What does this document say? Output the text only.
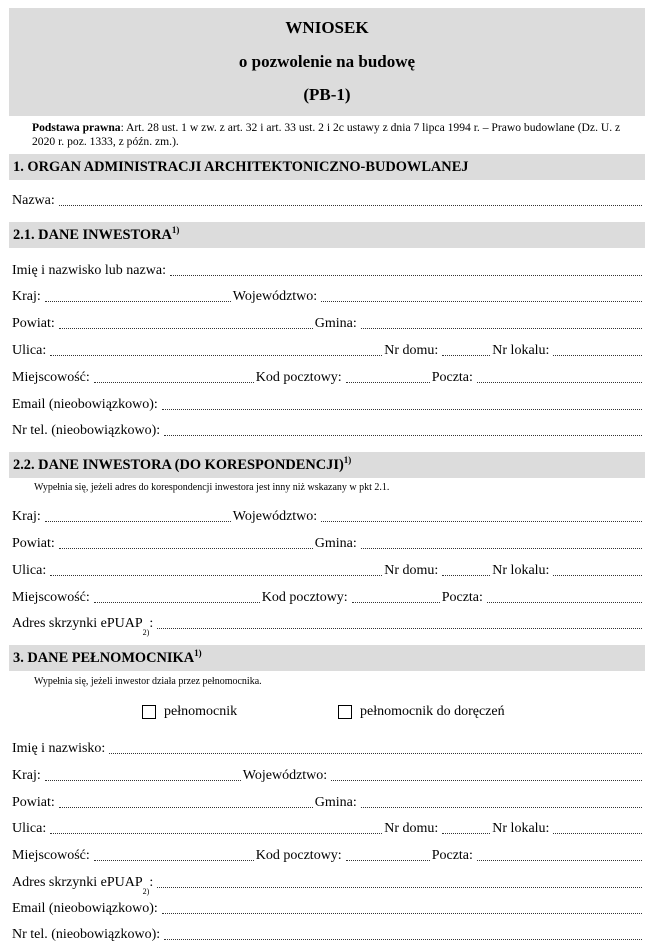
WNIOSEK
o pozwolenie na budowę
(PB-1)
Podstawa prawna: Art. 28 ust. 1 w zw. z art. 32 i art. 33 ust. 2 i 2c ustawy z dnia 7 lipca 1994 r. – Prawo budowlane (Dz. U. z 2020 r. poz. 1333, z późn. zm.).
1. ORGAN ADMINISTRACJI ARCHITEKTONICZNO-BUDOWLANEJ
Nazwa:
2.1. DANE INWESTORA$^{1)}$
Imię i nazwisko lub nazwa:
Kraj:	Województwo:
Powiat:	Gmina:
Ulica:	Nr domu:	Nr lokalu:
Miejscowość:	Kod pocztowy:	Poczta:
Email (nieobowiązkowo):
Nr tel. (nieobowiązkowo):
2.2. DANE INWESTORA (DO KORESPONDENCJI)$^{1)}$
Wypełnia się, jeżeli adres do korespondencji inwestora jest inny niż wskazany w pkt 2.1.
Kraj:	Województwo:
Powiat:	Gmina:
Ulica:	Nr domu:	Nr lokalu:
Miejscowość:	Kod pocztowy:	Poczta:
Adres skrzynki ePUAP
2)
:
3. DANE PEŁNOMOCNIKA$^{1)}$
Wypełnia się, jeżeli inwestor działa przez pełnomocnika.
pełnomocnik	pełnomocnik do doręczeń
Imię i nazwisko:
Kraj:	Województwo:
Powiat:	Gmina:
Ulica:	Nr domu:	Nr lokalu:
Miejscowość:	Kod pocztowy:	Poczta:
Adres skrzynki ePUAP
2)
:
Email (nieobowiązkowo):
Nr tel. (nieobowiązkowo):
